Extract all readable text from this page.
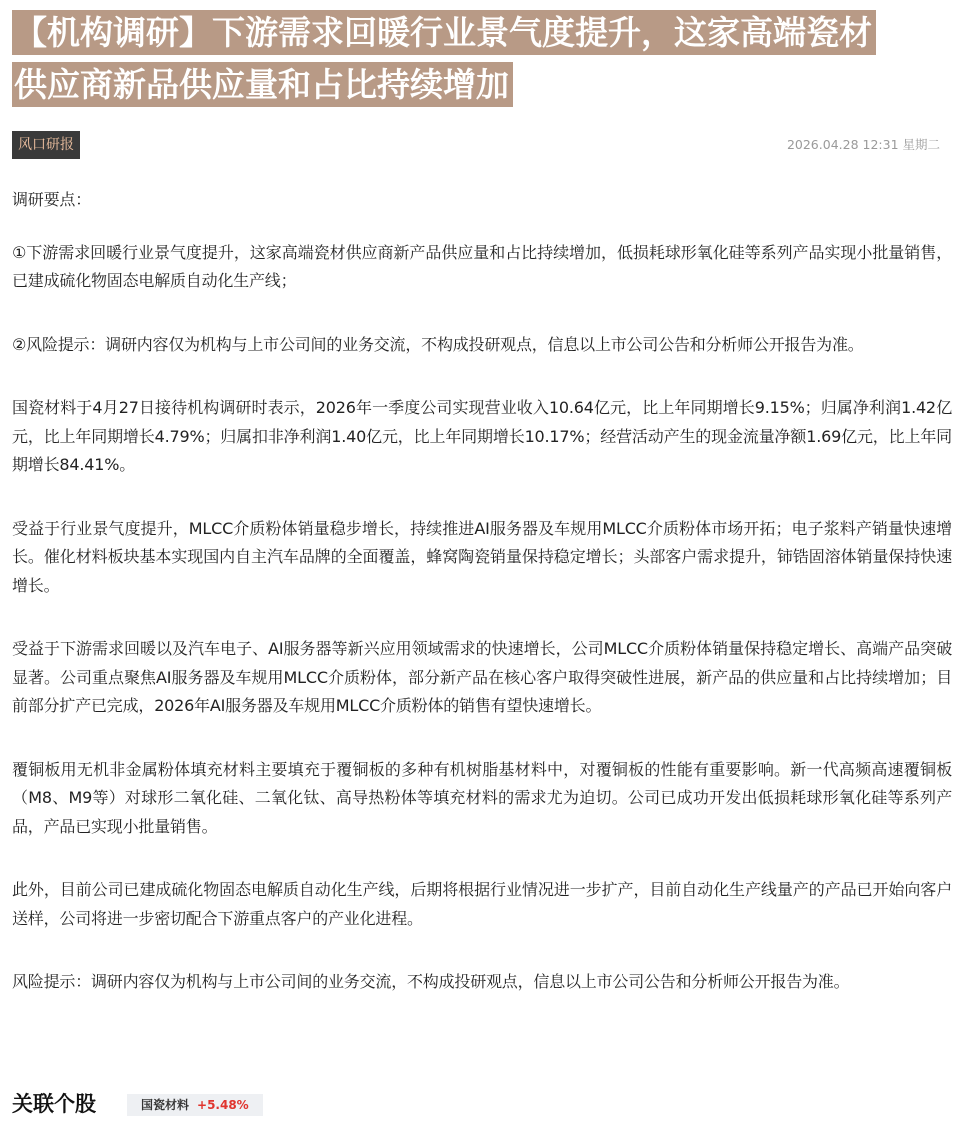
【机构调研】下游需求回暖行业景气度提升，这家高端瓷材
供应商新品供应量和占比持续增加
风口研报	2026.04.28 12:31 星期二

调研要点：

①下游需求回暖行业景气度提升，这家高端瓷材供应商新产品供应量和占比持续增加，低损耗球形氧化硅等系列产品实现小批量销售，已建成硫化物固态电解质自动化生产线；

②风险提示：调研内容仅为机构与上市公司间的业务交流，不构成投研观点，信息以上市公司公告和分析师公开报告为准。

国瓷材料于4月27日接待机构调研时表示，2026年一季度公司实现营业收入10.64亿元，比上年同期增长9.15%；归属净利润1.42亿元，比上年同期增长4.79%；归属扣非净利润1.40亿元，比上年同期增长10.17%；经营活动产生的现金流量净额1.69亿元，比上年同期增长84.41%。

受益于行业景气度提升，MLCC介质粉体销量稳步增长，持续推进AI服务器及车规用MLCC介质粉体市场开拓；电子浆料产销量快速增长。催化材料板块基本实现国内自主汽车品牌的全面覆盖，蜂窝陶瓷销量保持稳定增长；头部客户需求提升，铈锆固溶体销量保持快速增长。

受益于下游需求回暖以及汽车电子、AI服务器等新兴应用领域需求的快速增长，公司MLCC介质粉体销量保持稳定增长、高端产品突破显著。公司重点聚焦AI服务器及车规用MLCC介质粉体，部分新产品在核心客户取得突破性进展，新产品的供应量和占比持续增加；目前部分扩产已完成，2026年AI服务器及车规用MLCC介质粉体的销售有望快速增长。

覆铜板用无机非金属粉体填充材料主要填充于覆铜板的多种有机树脂基材料中，对覆铜板的性能有重要影响。新一代高频高速覆铜板（M8、M9等）对球形二氧化硅、二氧化钛、高导热粉体等填充材料的需求尤为迫切。公司已成功开发出低损耗球形氧化硅等系列产品，产品已实现小批量销售。

此外，目前公司已建成硫化物固态电解质自动化生产线，后期将根据行业情况进一步扩产，目前自动化生产线量产的产品已开始向客户送样，公司将进一步密切配合下游重点客户的产业化进程。

风险提示：调研内容仅为机构与上市公司间的业务交流，不构成投研观点，信息以上市公司公告和分析师公开报告为准。

关联个股	国瓷材料 +5.48%
